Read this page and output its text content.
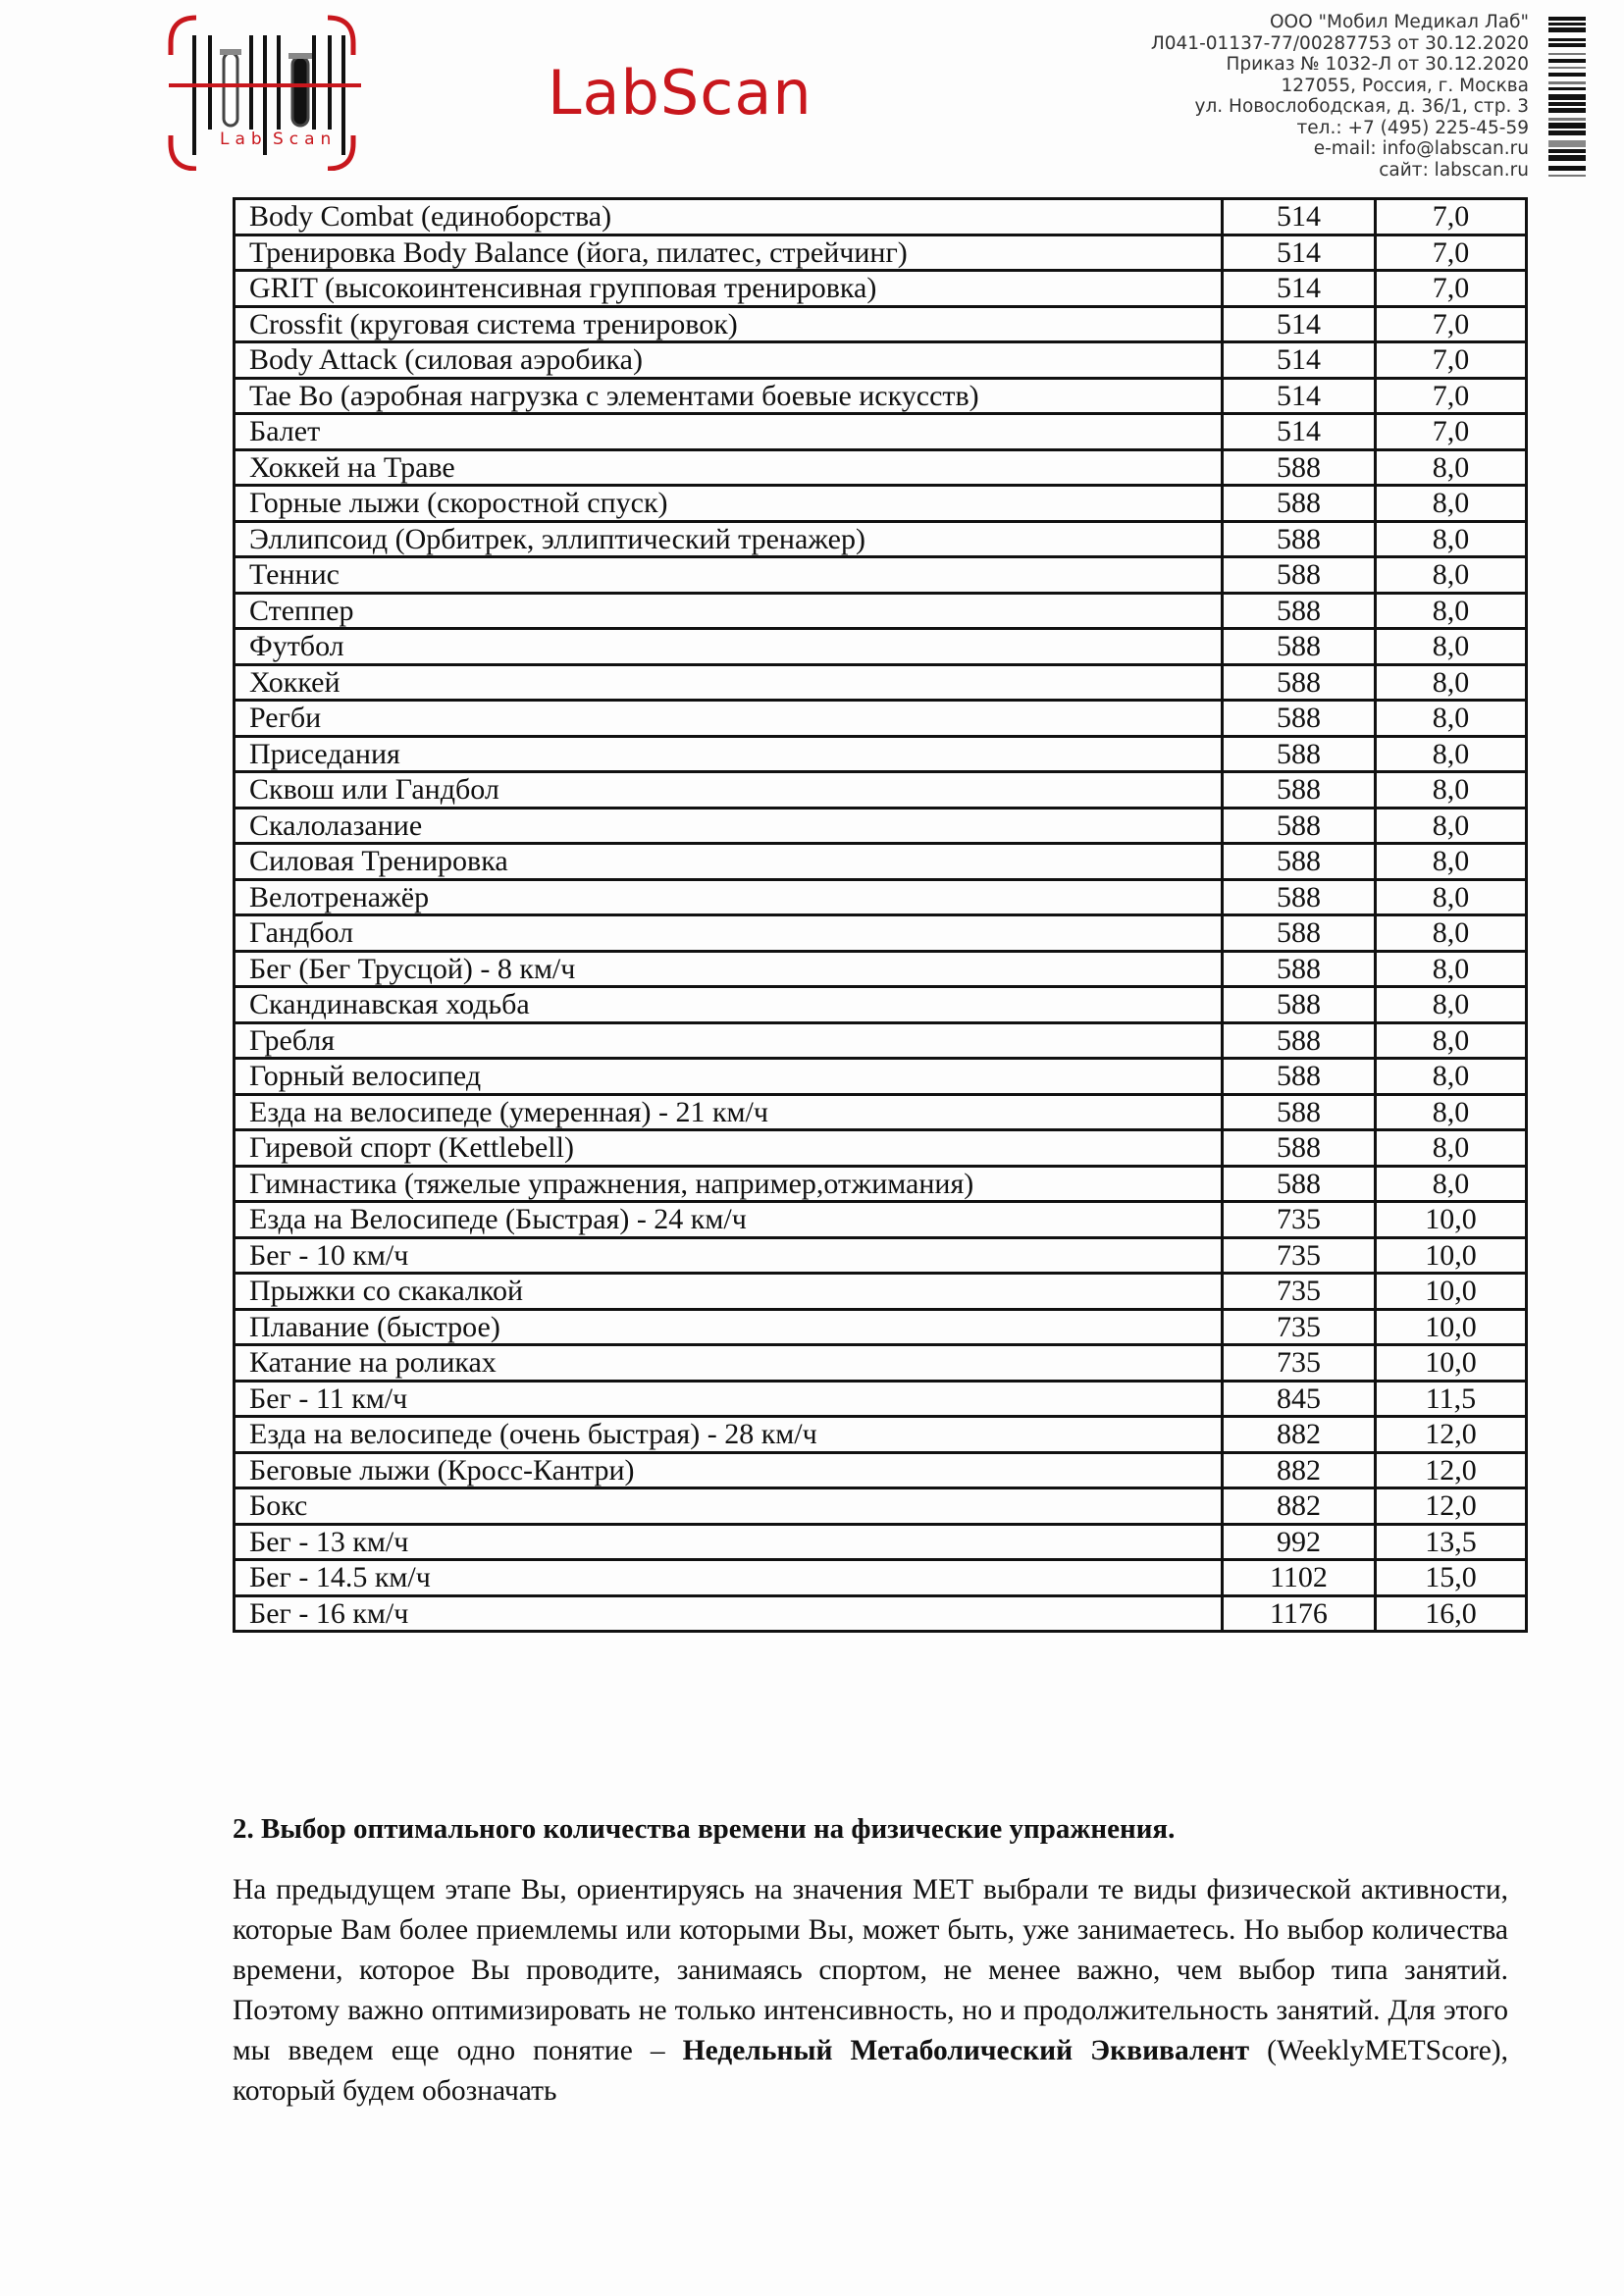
Lab Scan
LabScan
ООО "Мобил Медикал Лаб"
Л041-01137-77/00287753 от 30.12.2020
Приказ № 1032-Л от 30.12.2020
127055, Россия, г. Москва
ул. Новослободская, д. 36/1, стр. 3
тел.: +7 (495) 225-45-59
e-mail: info@labscan.ru
сайт: labscan.ru
Body Combat (единоборства)	514	7,0
Тренировка Body Balance (йога, пилатес, стрейчинг)	514	7,0
GRIT (высокоинтенсивная групповая тренировка)	514	7,0
Crossfit (круговая система тренировок)	514	7,0
Body Attack (силовая аэробика)	514	7,0
Tae Bo (аэробная нагрузка с элементами боевые искусств)	514	7,0
Балет	514	7,0
Хоккей на Траве	588	8,0
Горные лыжи (скоростной спуск)	588	8,0
Эллипсоид (Орбитрек, эллиптический тренажер)	588	8,0
Теннис	588	8,0
Степпер	588	8,0
Футбол	588	8,0
Хоккей	588	8,0
Регби	588	8,0
Приседания	588	8,0
Сквош или Гандбол	588	8,0
Скалолазание	588	8,0
Силовая Тренировка	588	8,0
Велотренажёр	588	8,0
Гандбол	588	8,0
Бег (Бег Трусцой) - 8 км/ч	588	8,0
Скандинавская ходьба	588	8,0
Гребля	588	8,0
Горный велосипед	588	8,0
Езда на велосипеде (умеренная) - 21 км/ч	588	8,0
Гиревой спорт (Kettlebell)	588	8,0
Гимнастика (тяжелые упражнения, например,отжимания)	588	8,0
Езда на Велосипеде (Быстрая) - 24 км/ч	735	10,0
Бег - 10 км/ч	735	10,0
Прыжки со скакалкой	735	10,0
Плавание (быстрое)	735	10,0
Катание на роликах	735	10,0
Бег - 11 км/ч	845	11,5
Езда на велосипеде (очень быстрая) - 28 км/ч	882	12,0
Беговые лыжи (Кросс-Кантри)	882	12,0
Бокс	882	12,0
Бег - 13 км/ч	992	13,5
Бег - 14.5 км/ч	1102	15,0
Бег - 16 км/ч	1176	16,0
2. Выбор оптимального количества времени на физические упражнения.

На предыдущем этапе Вы, ориентируясь на значения МЕТ выбрали те виды физической активности, которые Вам более приемлемы или которыми Вы, может быть, уже занимаетесь. Но выбор количества времени, которое Вы проводите, занимаясь спортом, не менее важно, чем выбор типа занятий. Поэтому важно оптимизировать не только интенсивность, но и продолжительность занятий. Для этого мы введем еще одно понятие – Недельный Метаболический Эквивалент (WeeklyMETScore), который будем обозначать
